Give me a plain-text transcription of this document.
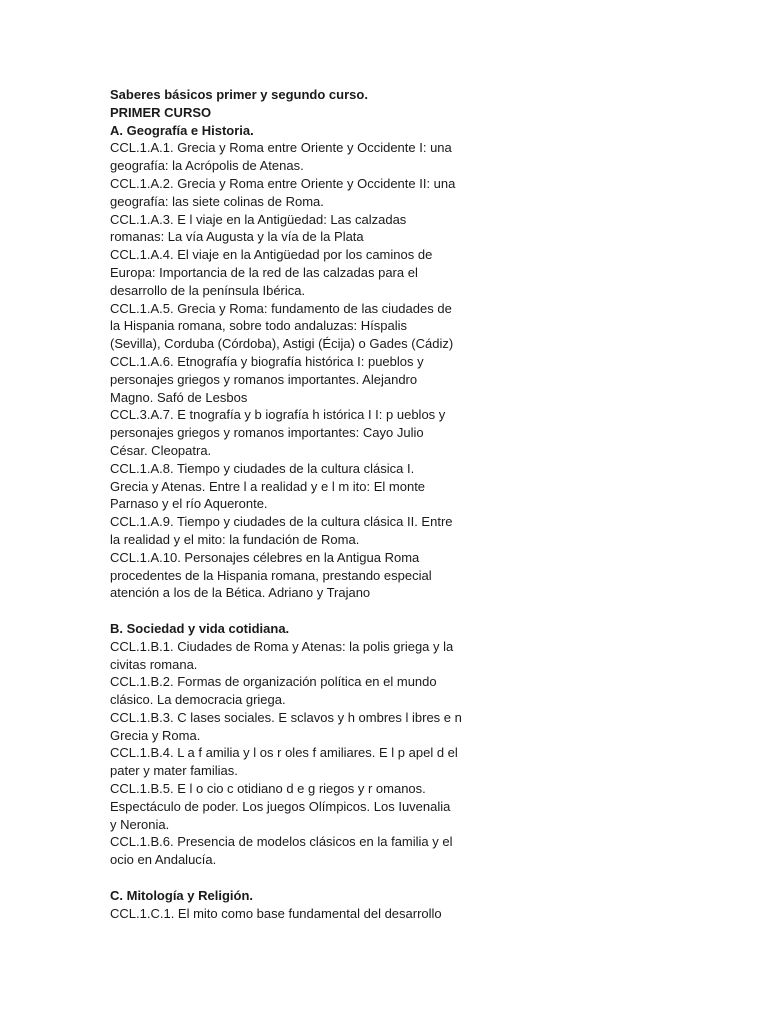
Saberes básicos primer y segundo curso.
PRIMER CURSO
A. Geografía e Historia.
CCL.1.A.1. Grecia y Roma entre Oriente y Occidente I: una
geografía: la Acrópolis de Atenas.
CCL.1.A.2. Grecia y Roma entre Oriente y Occidente II: una
geografía: las siete colinas de Roma.
CCL.1.A.3. E l viaje en la Antigüedad: Las calzadas
romanas: La vía Augusta y la vía de la Plata
CCL.1.A.4. El viaje en la Antigüedad por los caminos de
Europa: Importancia de la red de las calzadas para el
desarrollo de la península Ibérica.
CCL.1.A.5. Grecia y Roma: fundamento de las ciudades de
la Hispania romana, sobre todo andaluzas: Híspalis
(Sevilla), Corduba (Córdoba), Astigi (Écija) o Gades (Cádiz)
CCL.1.A.6. Etnografía y biografía histórica I: pueblos y
personajes griegos y romanos importantes. Alejandro
Magno. Safó de Lesbos
CCL.3.A.7. E tnografía y b iografía h istórica I I: p ueblos y
personajes griegos y romanos importantes: Cayo Julio
César. Cleopatra.
CCL.1.A.8. Tiempo y ciudades de la cultura clásica I.
Grecia y Atenas. Entre l a realidad y e l m ito: El monte
Parnaso y el río Aqueronte.
CCL.1.A.9. Tiempo y ciudades de la cultura clásica II. Entre
la realidad y el mito: la fundación de Roma.
CCL.1.A.10. Personajes célebres en la Antigua Roma
procedentes de la Hispania romana, prestando especial
atención a los de la Bética. Adriano y Trajano
B. Sociedad y vida cotidiana.
CCL.1.B.1. Ciudades de Roma y Atenas: la polis griega y la
civitas romana.
CCL.1.B.2. Formas de organización política en el mundo
clásico. La democracia griega.
CCL.1.B.3. C lases sociales. E sclavos y h ombres l ibres e n
Grecia y Roma.
CCL.1.B.4. L a f amilia y l os r oles f amiliares. E l p apel d el
pater y mater familias.
CCL.1.B.5. E l o cio c otidiano d e g riegos y r omanos.
Espectáculo de poder. Los juegos Olímpicos. Los Iuvenalia
y Neronia.
CCL.1.B.6. Presencia de modelos clásicos en la familia y el
ocio en Andalucía.
C. Mitología y Religión.
CCL.1.C.1. El mito como base fundamental del desarrollo
